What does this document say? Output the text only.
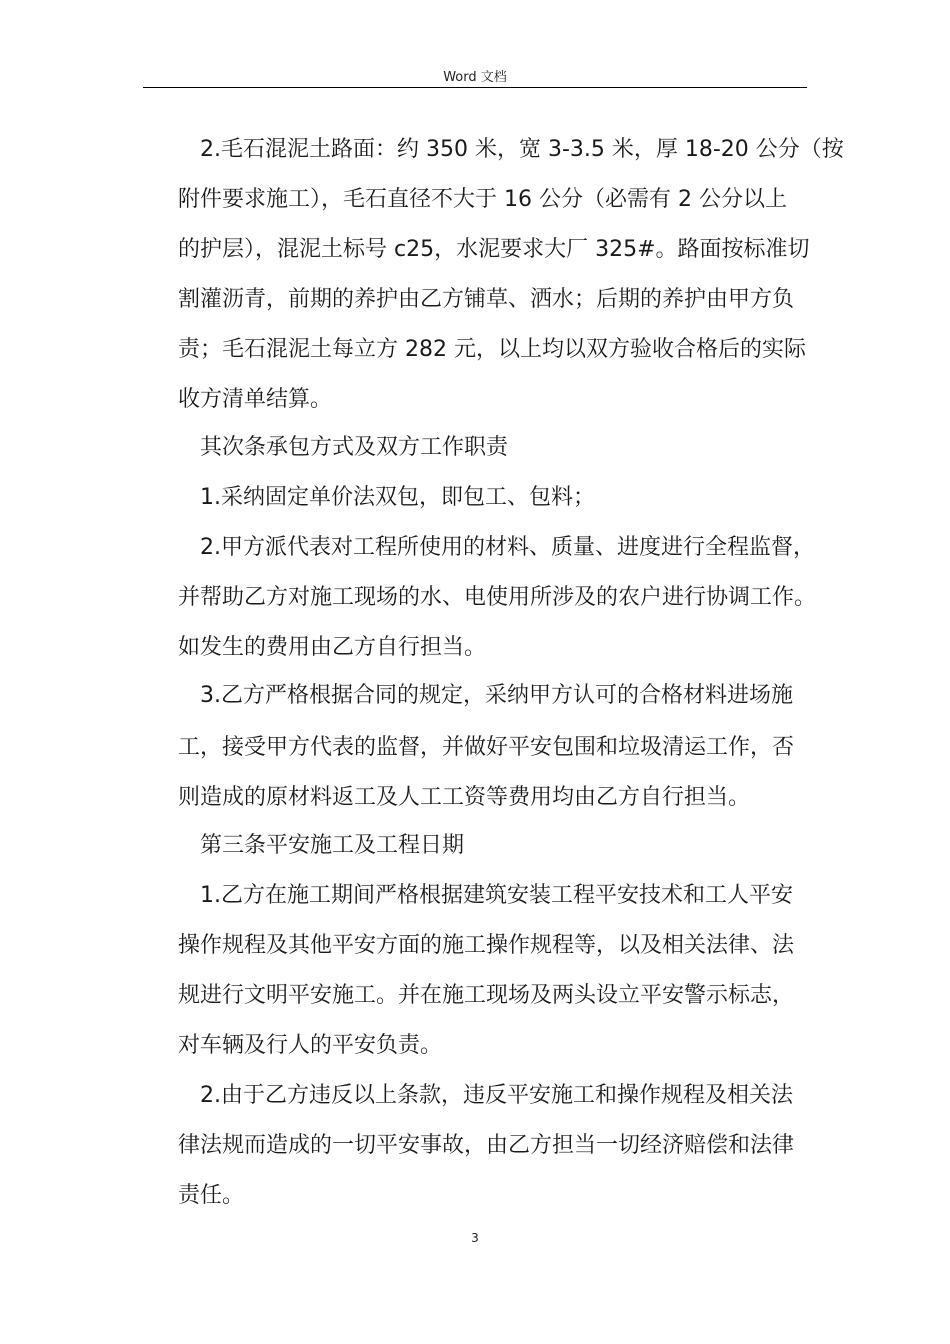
Word 文档
2.毛石混泥土路面：约 350 米，宽 3-3.5 米，厚 18-20 公分（按
附件要求施工），毛石直径不大于 16 公分（必需有 2 公分以上
的护层），混泥土标号 c25，水泥要求大厂 325#。路面按标准切
割灌沥青，前期的养护由乙方铺草、洒水；后期的养护由甲方负
责；毛石混泥土每立方 282 元，以上均以双方验收合格后的实际
收方清单结算。
其次条承包方式及双方工作职责
1.采纳固定单价法双包，即包工、包料；
2.甲方派代表对工程所使用的材料、质量、进度进行全程监督，
并帮助乙方对施工现场的水、电使用所涉及的农户进行协调工作。
如发生的费用由乙方自行担当。
3.乙方严格根据合同的规定，采纳甲方认可的合格材料进场施
工，接受甲方代表的监督，并做好平安包围和垃圾清运工作，否
则造成的原材料返工及人工工资等费用均由乙方自行担当。
第三条平安施工及工程日期
1.乙方在施工期间严格根据建筑安装工程平安技术和工人平安
操作规程及其他平安方面的施工操作规程等，以及相关法律、法
规进行文明平安施工。并在施工现场及两头设立平安警示标志，
对车辆及行人的平安负责。
2.由于乙方违反以上条款，违反平安施工和操作规程及相关法
律法规而造成的一切平安事故，由乙方担当一切经济赔偿和法律
责任。
3
